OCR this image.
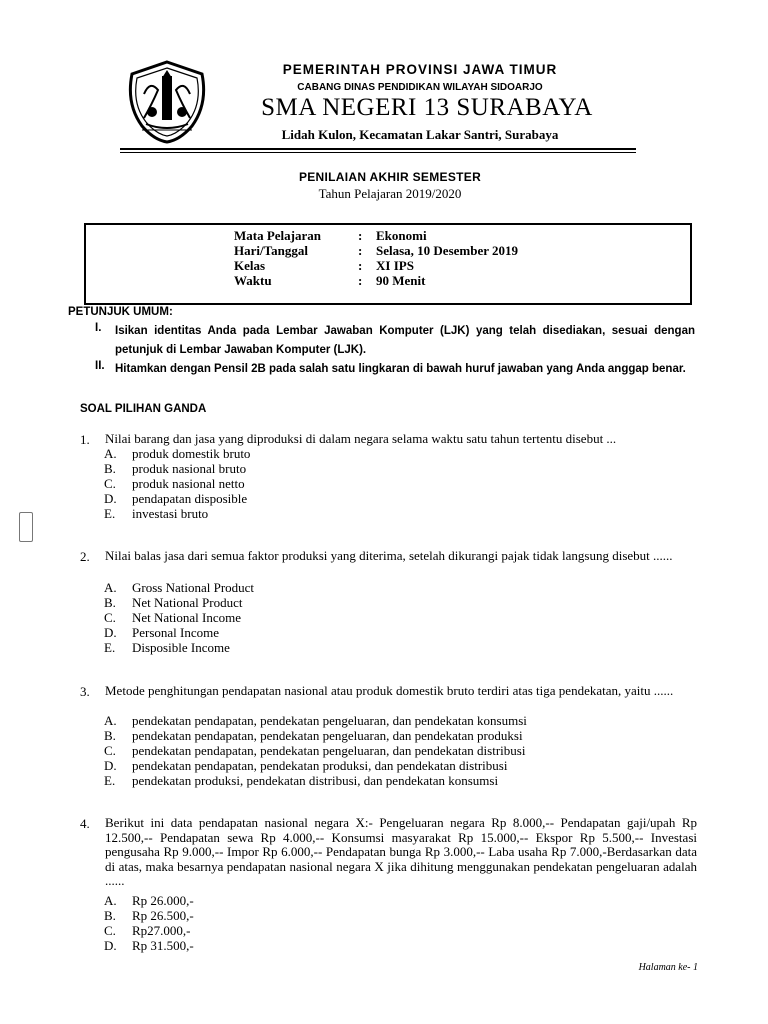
PEMERINTAH PROVINSI JAWA TIMUR
CABANG DINAS PENDIDIKAN WILAYAH SIDOARJO
SMA NEGERI 13 SURABAYA
Lidah Kulon, Kecamatan Lakar Santri, Surabaya
PENILAIAN AKHIR SEMESTER
Tahun Pelajaran 2019/2020
Mata Pelajaran	: Ekonomi
Hari/Tanggal	: Selasa, 10 Desember 2019
Kelas	: XI IPS
Waktu	: 90 Menit
PETUNJUK UMUM:
I.	Isikan identitas Anda pada Lembar Jawaban Komputer (LJK) yang telah disediakan, sesuai dengan petunjuk di Lembar Jawaban Komputer (LJK).
II. Hitamkan dengan Pensil 2B pada salah satu lingkaran di bawah huruf jawaban yang Anda anggap benar.
SOAL PILIHAN GANDA
1.	Nilai barang dan jasa yang diproduksi di dalam negara selama waktu satu tahun tertentu disebut ...
A.	produk domestik bruto
B.	produk nasional bruto
C.	produk nasional netto
D.	pendapatan disposible
E.	investasi bruto
2.	Nilai balas jasa dari semua faktor produksi yang diterima, setelah dikurangi pajak tidak langsung disebut ......
A.	Gross National Product
B.	Net National Product
C.	Net National Income
D.	Personal Income
E.	Disposible Income
3.	Metode penghitungan pendapatan nasional atau produk domestik bruto terdiri atas tiga pendekatan, yaitu ......
A.	pendekatan pendapatan, pendekatan pengeluaran, dan pendekatan konsumsi
B.	pendekatan pendapatan, pendekatan pengeluaran, dan pendekatan produksi
C.	pendekatan pendapatan, pendekatan pengeluaran, dan pendekatan distribusi
D.	pendekatan pendapatan, pendekatan produksi, dan pendekatan distribusi
E.	pendekatan produksi, pendekatan distribusi, dan pendekatan konsumsi
4.	Berikut ini data pendapatan nasional negara X:- Pengeluaran negara Rp 8.000,-- Pendapatan gaji/upah Rp 12.500,-- Pendapatan sewa Rp 4.000,-- Konsumsi masyarakat Rp 15.000,-- Ekspor Rp 5.500,-- Investasi pengusaha Rp 9.000,-- Impor Rp 6.000,-- Pendapatan bunga Rp 3.000,-- Laba usaha Rp 7.000,-Berdasarkan data di atas, maka besarnya pendapatan nasional negara X jika dihitung menggunakan pendekatan pengeluaran adalah ......
A.	Rp 26.000,-
B.	Rp 26.500,-
C.	Rp27.000,-
D.	Rp 31.500,-
Halaman ke- 1
